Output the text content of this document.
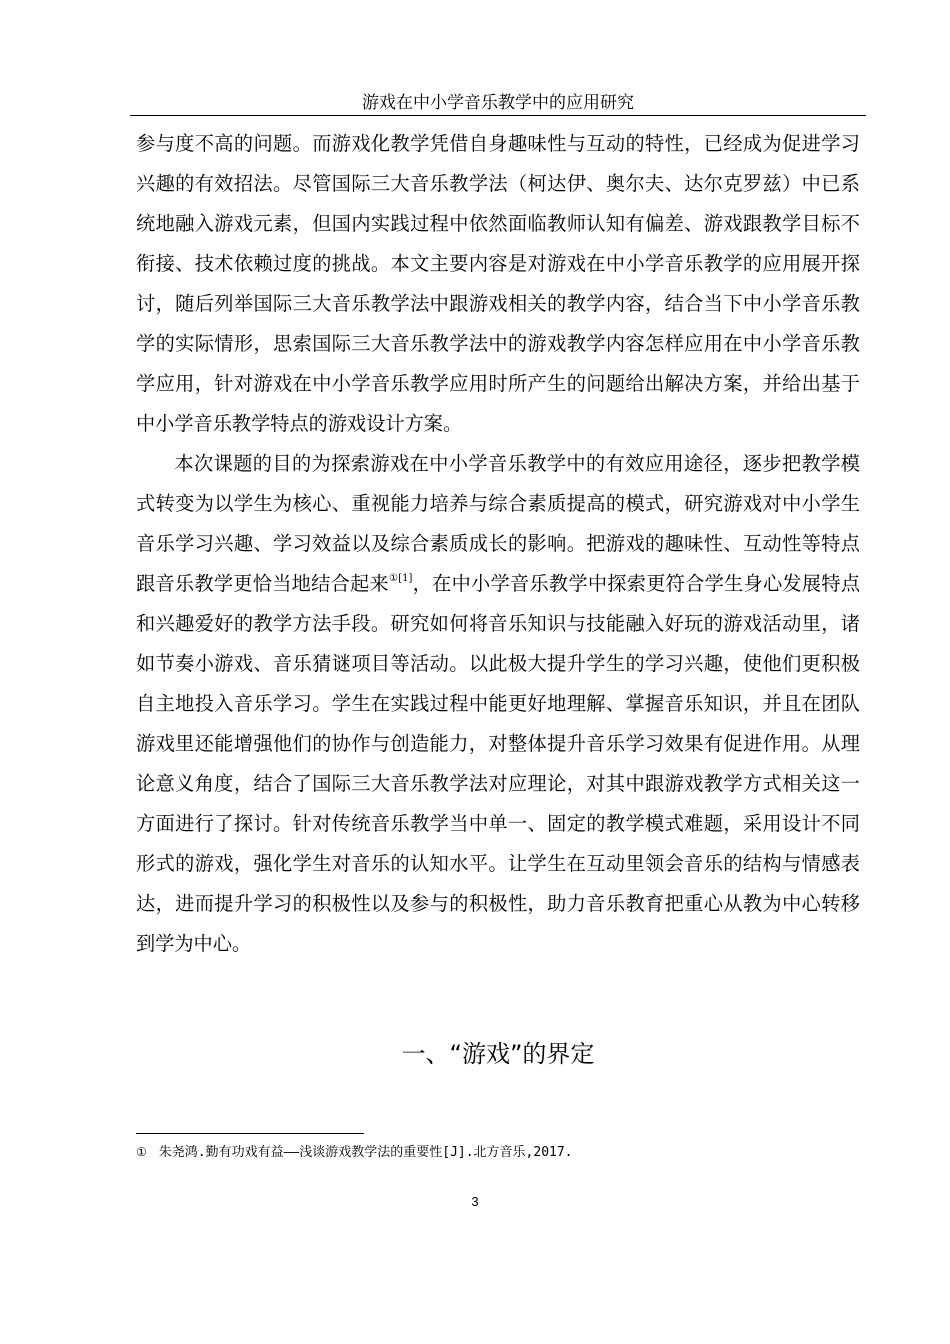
游戏在中小学音乐教学中的应用研究

参与度不高的问题。而游戏化教学凭借自身趣味性与互动的特性，已经成为促进学习兴趣的有效招法。尽管国际三大音乐教学法（柯达伊、奥尔夫、达尔克罗兹）中已系统地融入游戏元素，但国内实践过程中依然面临教师认知有偏差、游戏跟教学目标不衔接、技术依赖过度的挑战。本文主要内容是对游戏在中小学音乐教学的应用展开探讨，随后列举国际三大音乐教学法中跟游戏相关的教学内容，结合当下中小学音乐教学的实际情形，思索国际三大音乐教学法中的游戏教学内容怎样应用在中小学音乐教学应用，针对游戏在中小学音乐教学应用时所产生的问题给出解决方案，并给出基于中小学音乐教学特点的游戏设计方案。

本次课题的目的为探索游戏在中小学音乐教学中的有效应用途径，逐步把教学模式转变为以学生为核心、重视能力培养与综合素质提高的模式，研究游戏对中小学生音乐学习兴趣、学习效益以及综合素质成长的影响。把游戏的趣味性、互动性等特点跟音乐教学更恰当地结合起来$^{①[1]}$，在中小学音乐教学中探索更符合学生身心发展特点和兴趣爱好的教学方法手段。研究如何将音乐知识与技能融入好玩的游戏活动里，诸如节奏小游戏、音乐猜谜项目等活动。以此极大提升学生的学习兴趣，使他们更积极自主地投入音乐学习。学生在实践过程中能更好地理解、掌握音乐知识，并且在团队游戏里还能增强他们的协作与创造能力，对整体提升音乐学习效果有促进作用。从理论意义角度，结合了国际三大音乐教学法对应理论，对其中跟游戏教学方式相关这一方面进行了探讨。针对传统音乐教学当中单一、固定的教学模式难题，采用设计不同形式的游戏，强化学生对音乐的认知水平。让学生在互动里领会音乐的结构与情感表达，进而提升学习的积极性以及参与的积极性，助力音乐教育把重心从教为中心转移到学为中心。

一、“游戏”的界定
① 朱尧鸿.勤有功戏有益——浅谈游戏教学法的重要性[J].北方音乐,2017.
3
